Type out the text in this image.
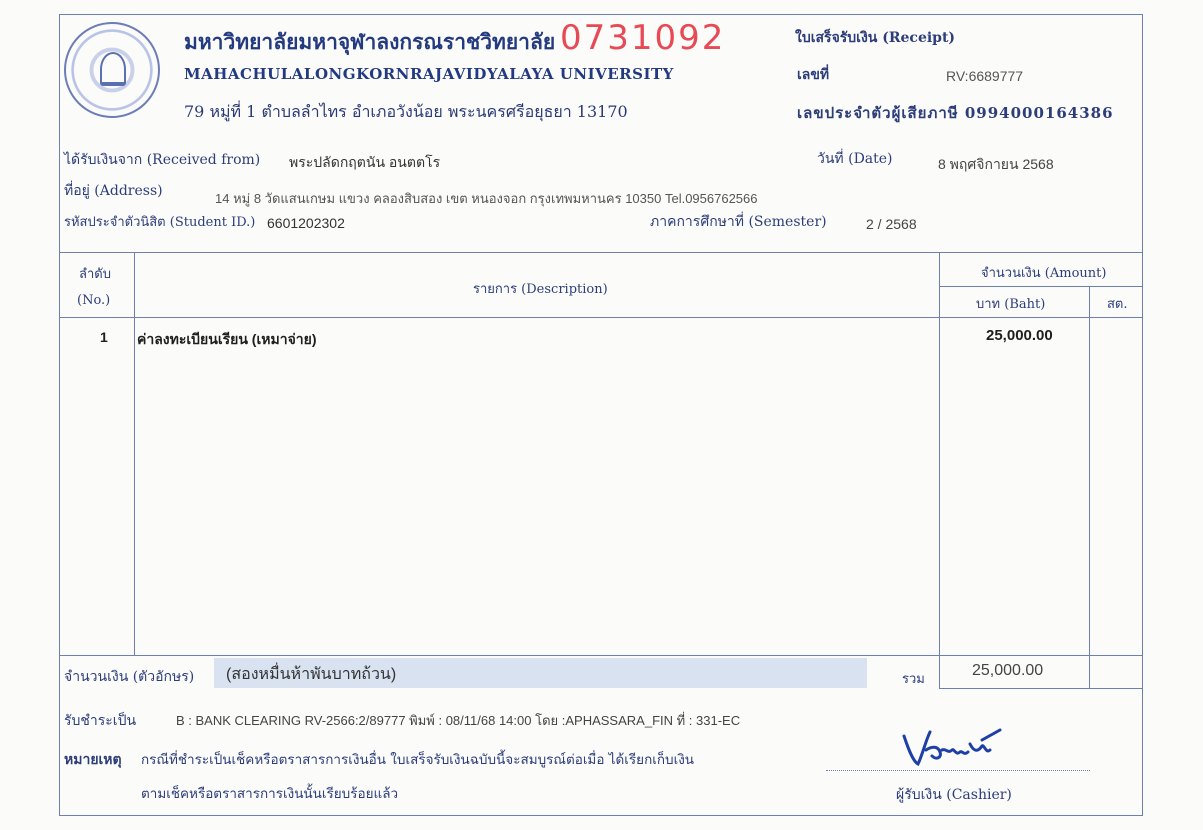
มหาวิทยาลัยมหาจุฬาลงกรณราชวิทยาลัย 0731092
MAHACHULALONGKORNRAJAVIDYALAYA UNIVERSITY
79 หมู่ที่ 1 ตำบลลำไทร อำเภอวังน้อย พระนครศรีอยุธยา 13170
ใบเสร็จรับเงิน (Receipt)
เลขที่	RV:6689777
เลขประจำตัวผู้เสียภาษี 0994000164386
ได้รับเงินจาก (Received from) พระปลัดกฤตนัน อนตตโร	วันที่ (Date)	8 พฤศจิกายน 2568
ที่อยู่ (Address)	14 หมู่ 8 วัดแสนเกษม แขวง คลองสิบสอง เขต หนองจอก กรุงเทพมหานคร 10350 Tel.0956762566
รหัสประจำตัวนิสิต (Student ID.) 6601202302	ภาคการศึกษาที่ (Semester)	2 / 2568
ลำดับ
(No.)
รายการ (Description)
จำนวนเงิน (Amount)
บาท (Baht)	สต.
1 ค่าลงทะเบียนเรียน (เหมาจ่าย)	25,000.00
จำนวนเงิน (ตัวอักษร) (สองหมื่นห้าพันบาทถ้วน)	รวม
25,000.00
รับชำระเป็น	B : BANK CLEARING RV-2566:2/89777 พิมพ์ : 08/11/68 14:00 โดย :APHASSARA_FIN ที่ : 331-EC
หมายเหตุ กรณีที่ชำระเป็นเช็คหรือตราสารการเงินอื่น ใบเสร็จรับเงินฉบับนี้จะสมบูรณ์ต่อเมื่อ ได้เรียกเก็บเงิน
ตามเช็คหรือตราสารการเงินนั้นเรียบร้อยแล้ว	ผู้รับเงิน (Cashier)
